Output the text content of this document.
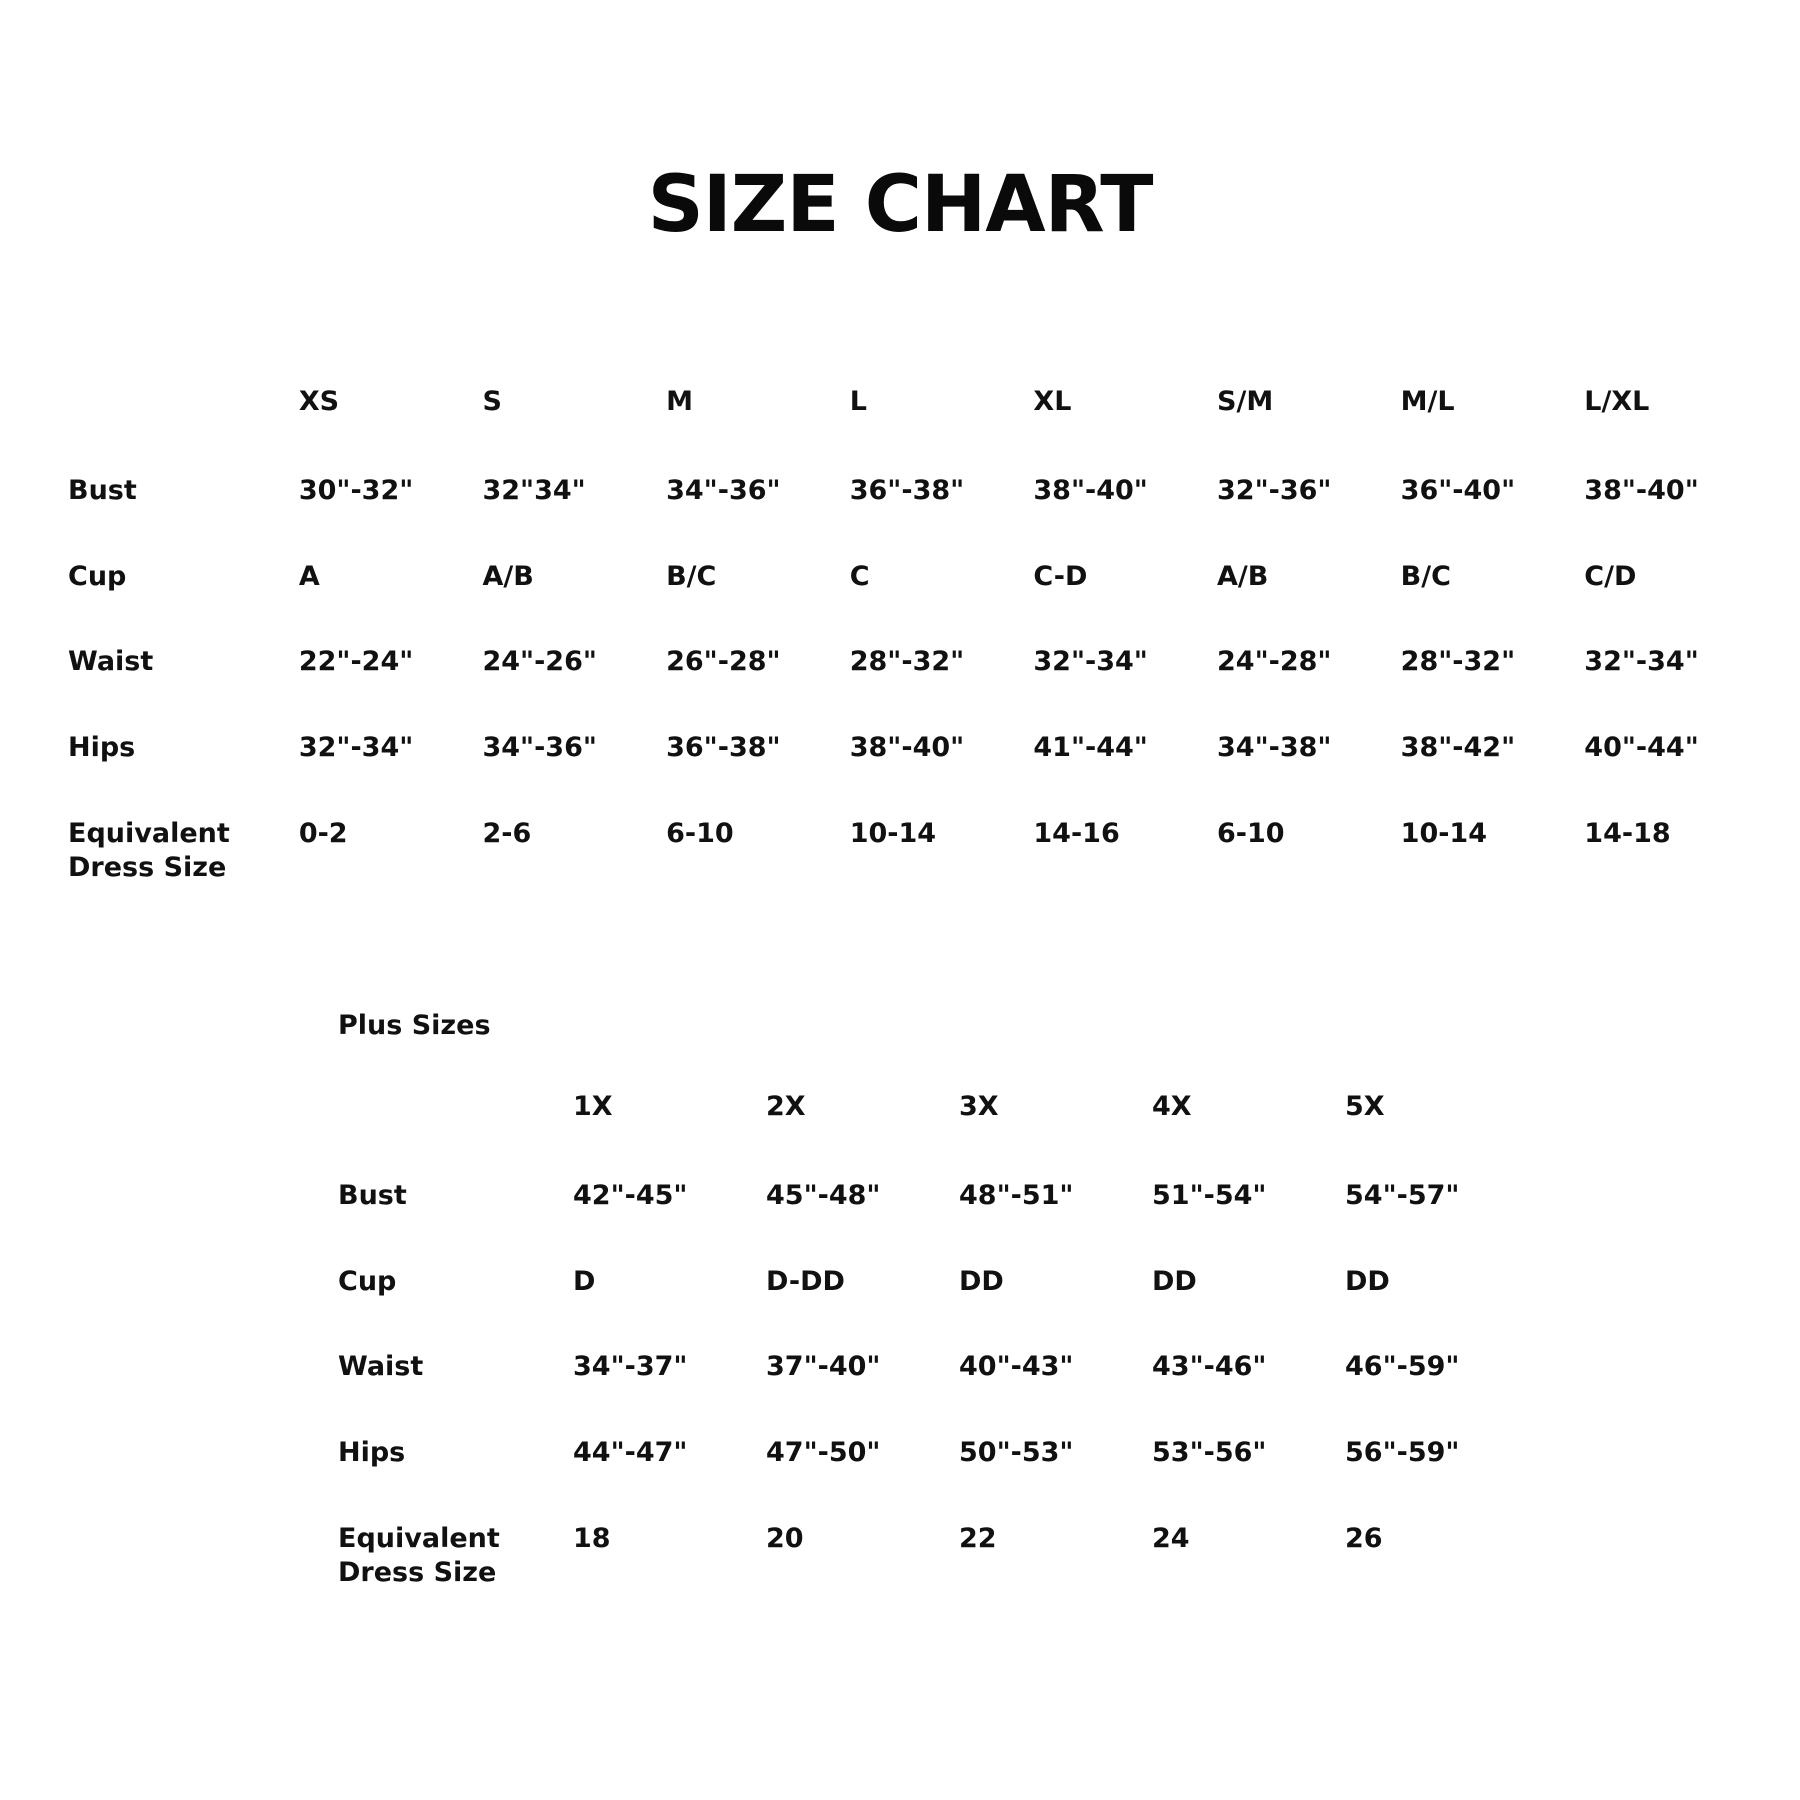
SIZE CHART
	XS	S	M	L	XL	S/M	M/L	L/XL
Bust	30"-32"	32"34"	34"-36"	36"-38"	38"-40"	32"-36"	36"-40"	38"-40"
Cup	A	A/B	B/C	C	C-D	A/B	B/C	C/D
Waist	22"-24"	24"-26"	26"-28"	28"-32"	32"-34"	24"-28"	28"-32"	32"-34"
Hips	32"-34"	34"-36"	36"-38"	38"-40"	41"-44"	34"-38"	38"-42"	40"-44"
Equivalent
Dress Size	0-2	2-6	6-10	10-14	14-16	6-10	10-14	14-18
Plus Sizes
	1X	2X	3X	4X	5X
Bust	42"-45"	45"-48"	48"-51"	51"-54"	54"-57"
Cup	D	D-DD	DD	DD	DD
Waist	34"-37"	37"-40"	40"-43"	43"-46"	46"-59"
Hips	44"-47"	47"-50"	50"-53"	53"-56"	56"-59"
Equivalent
Dress Size	18	20	22	24	26
